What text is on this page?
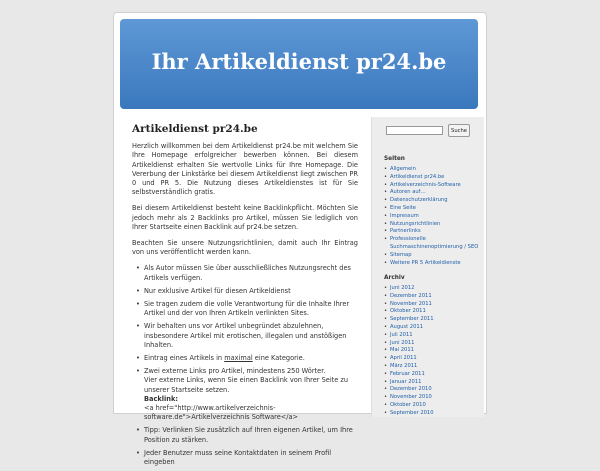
Ihr Artikeldienst pr24.be
Artikeldienst pr24.be

Herzlich willkommen bei dem Artikeldienst pr24.be mit welchem Sie Ihre Homepage erfolgreicher bewerben können. Bei diesem Artikeldienst erhalten Sie wertvolle Links für Ihre Homepage. Die Vererbung der Linkstärke bei diesem Artikeldienst liegt zwischen PR 0 und PR 5. Die Nutzung dieses Artikeldienstes ist für Sie selbstverständlich gratis.

Bei diesem Artikeldienst besteht keine Backlinkpflicht. Möchten Sie jedoch mehr als 2 Backlinks pro Artikel, müssen Sie lediglich von Ihrer Startseite einen Backlink auf pr24.be setzen.

Beachten Sie unsere Nutzungsrichtlinien, damit auch Ihr Eintrag von uns veröffentlicht werden kann.

• Als Autor müssen Sie über ausschließliches Nutzungsrecht des Artikels verfügen.
• Nur exklusive Artikel für diesen Artikeldienst
• Sie tragen zudem die volle Verantwortung für die Inhalte Ihrer Artikel und der von Ihren Artikeln verlinkten Sites.
• Wir behalten uns vor Artikel unbegründet abzulehnen, insbesondere Artikel mit erotischen, illegalen und anstößigen Inhalten.
• Eintrag eines Artikels in maximal eine Kategorie.
• Zwei externe Links pro Artikel, mindestens 250 Wörter.
Vier externe Links, wenn Sie einen Backlink von Ihrer Seite zu unserer Startseite setzen.
Backlink:
<a href="http://www.artikelverzeichnis-software.de">Artikelverzeichnis Software</a>
• Tipp: Verlinken Sie zusätzlich auf Ihren eigenen Artikel, um Ihre Position zu stärken.
• Jeder Benutzer muss seine Kontaktdaten in seinem Profil eingeben
Suche
Seiten
• Allgemein
• Artikeldienst pr24.be
• Artikelverzeichnis-Software
• Autoren auf…
• Datenschutzerklärung
• Eine Seite
• Impressum
• Nutzungsrichtlinien
• Partnerlinks
• Professionelle Suchmaschinenoptimierung / SEO
• Sitemap
• Weitere PR 5 Artikeldienste
Archiv
• Juni 2012
• Dezember 2011
• November 2011
• Oktober 2011
• September 2011
• August 2011
• Juli 2011
• Juni 2011
• Mai 2011
• April 2011
• März 2011
• Februar 2011
• Januar 2011
• Dezember 2010
• November 2010
• Oktober 2010
• September 2010
